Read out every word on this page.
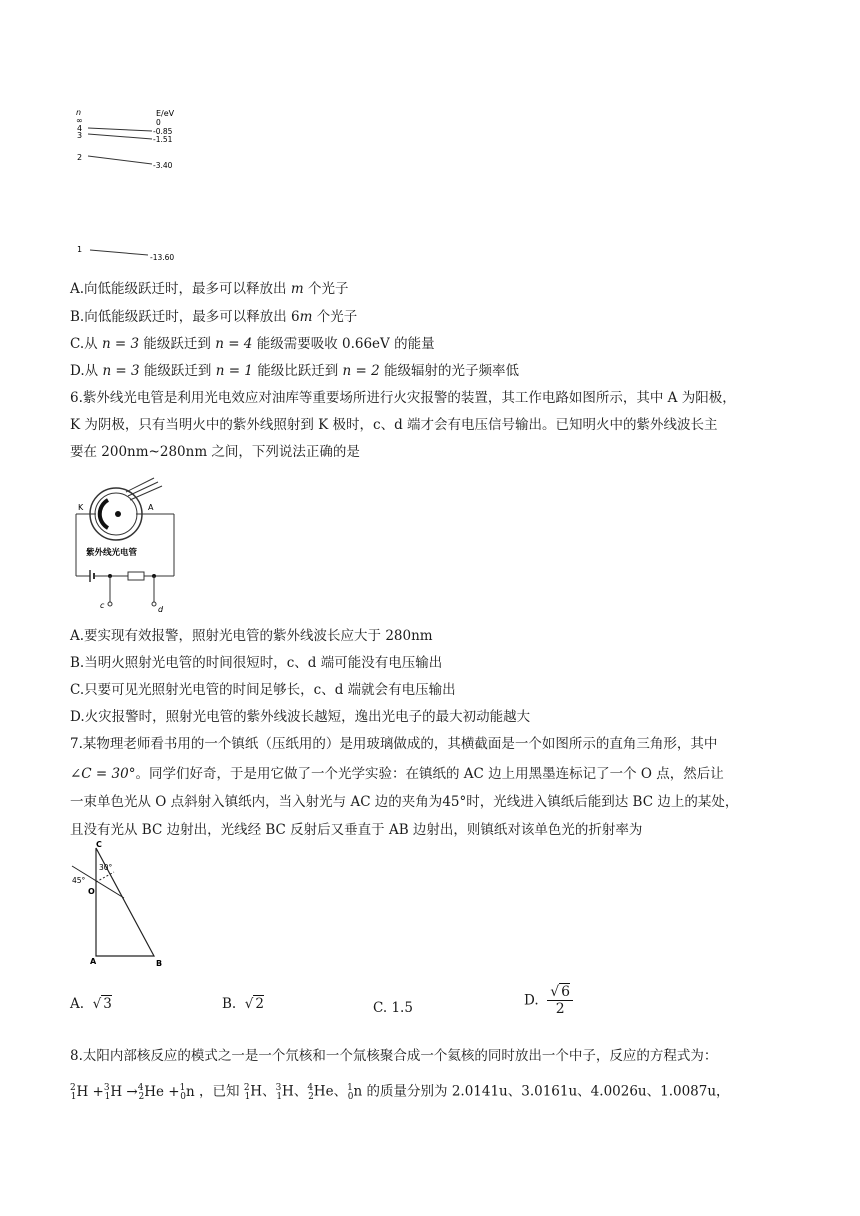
n
∞
E/eV
0
4	-0.85
3	-1.51
2
-3.40
1
-13.60
A.向低能级跃迁时，最多可以释放出 m 个光子
B.向低能级跃迁时，最多可以释放出 6m 个光子
C.从 n = 3 能级跃迁到 n = 4 能级需要吸收 0.66eV 的能量
D.从 n = 3 能级跃迁到 n = 1 能级比跃迁到 n = 2 能级辐射的光子频率低
6.紫外线光电管是利用光电效应对油库等重要场所进行火灾报警的装置，其工作电路如图所示，其中 A 为阳极，
K 为阴极，只有当明火中的紫外线照射到 K 极时，c、d 端才会有电压信号输出。已知明火中的紫外线波长主
要在 200nm~280nm 之间，下列说法正确的是
K	A
紫外线光电管
c	d
A.要实现有效报警，照射光电管的紫外线波长应大于 280nm
B.当明火照射光电管的时间很短时，c、d 端可能没有电压输出
C.只要可见光照射光电管的时间足够长，c、d 端就会有电压输出
D.火灾报警时，照射光电管的紫外线波长越短，逸出光电子的最大初动能越大
7.某物理老师看书用的一个镇纸（压纸用的）是用玻璃做成的，其横截面是一个如图所示的直角三角形，其中
∠C = 30°。同学们好奇，于是用它做了一个光学实验：在镇纸的 AC 边上用黑墨连标记了一个 O 点，然后让
一束单色光从 O 点斜射入镇纸内，当入射光与 AC 边的夹角为45°时，光线进入镇纸后能到达 BC 边上的某处，
且没有光从 BC 边射出，光线经 BC 反射后又垂直于 AB 边射出，则镇纸对该单色光的折射率为
C
O
A	B
45°
30°
A.  √ 3	B.  √ 2	C. 1.5	D. $\frac{√ 6}{2}$
8.太阳内部核反应的模式之一是一个氘核和一个氚核聚合成一个氦核的同时放出一个中子，反应的方程式为：
$^2_1$H +$^3_1$H →$^4_2$He +$^1_0$n ，已知 $^2_1$H、$^3_1$H、$^4_2$He、$^1_0$n 的质量分别为 2.0141u、3.0161u、4.0026u、1.0087u，
